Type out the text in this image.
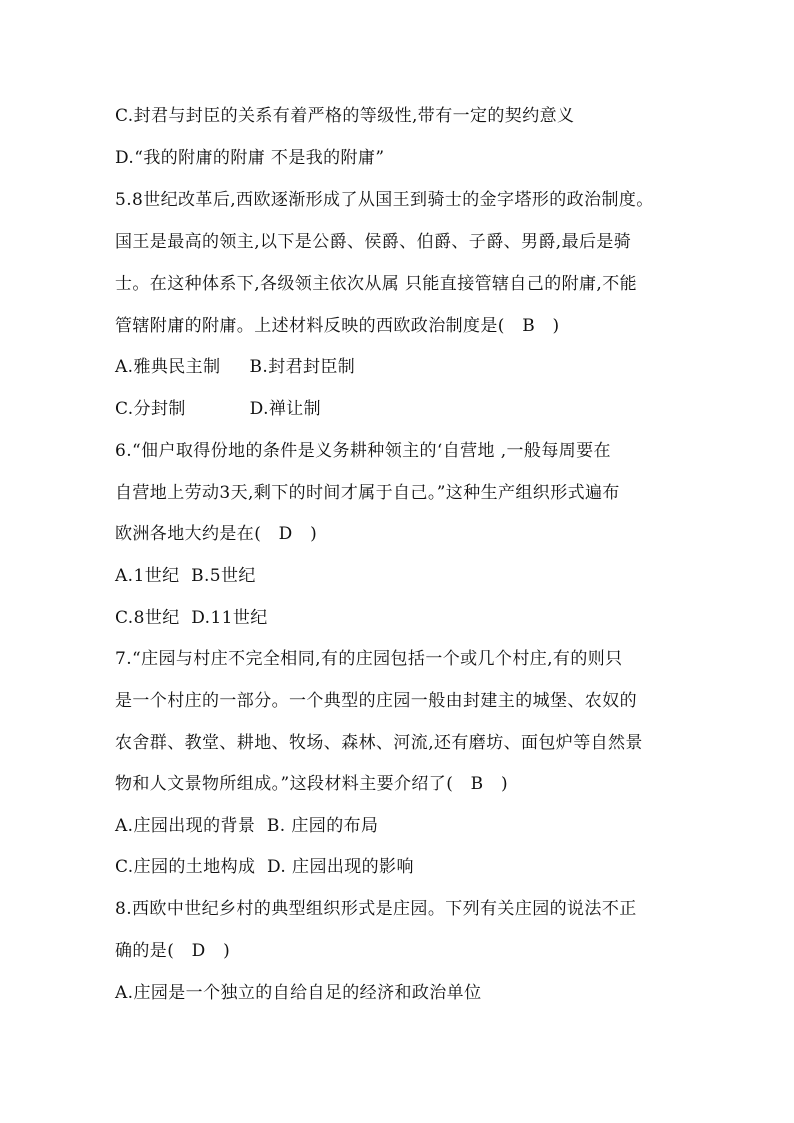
C.封君与封臣的关系有着严格的等级性,带有一定的契约意义
D.“我的附庸的附庸 不是我的附庸”
5.8世纪改革后,西欧逐渐形成了从国王到骑士的金字塔形的政治制度。
国王是最高的领主,以下是公爵、侯爵、伯爵、子爵、男爵,最后是骑
士。在这种体系下,各级领主依次从属 只能直接管辖自己的附庸,不能
管辖附庸的附庸。上述材料反映的西欧政治制度是(   B   )
A.雅典民主制     B.封君封臣制
C.分封制           D.禅让制
6.“佃户取得份地的条件是义务耕种领主的‘自营地 ,一般每周要在
自营地上劳动3天,剩下的时间才属于自己。”这种生产组织形式遍布
欧洲各地大约是在(   D   )
A.1世纪  B.5世纪
C.8世纪  D.11世纪
7.“庄园与村庄不完全相同,有的庄园包括一个或几个村庄,有的则只
是一个村庄的一部分。一个典型的庄园一般由封建主的城堡、农奴的
农舍群、教堂、耕地、牧场、森林、河流,还有磨坊、面包炉等自然景
物和人文景物所组成。”这段材料主要介绍了(   B   )
A.庄园出现的背景  B. 庄园的布局
C.庄园的土地构成  D. 庄园出现的影响
8.西欧中世纪乡村的典型组织形式是庄园。下列有关庄园的说法不正
确的是(   D   )
A.庄园是一个独立的自给自足的经济和政治单位
